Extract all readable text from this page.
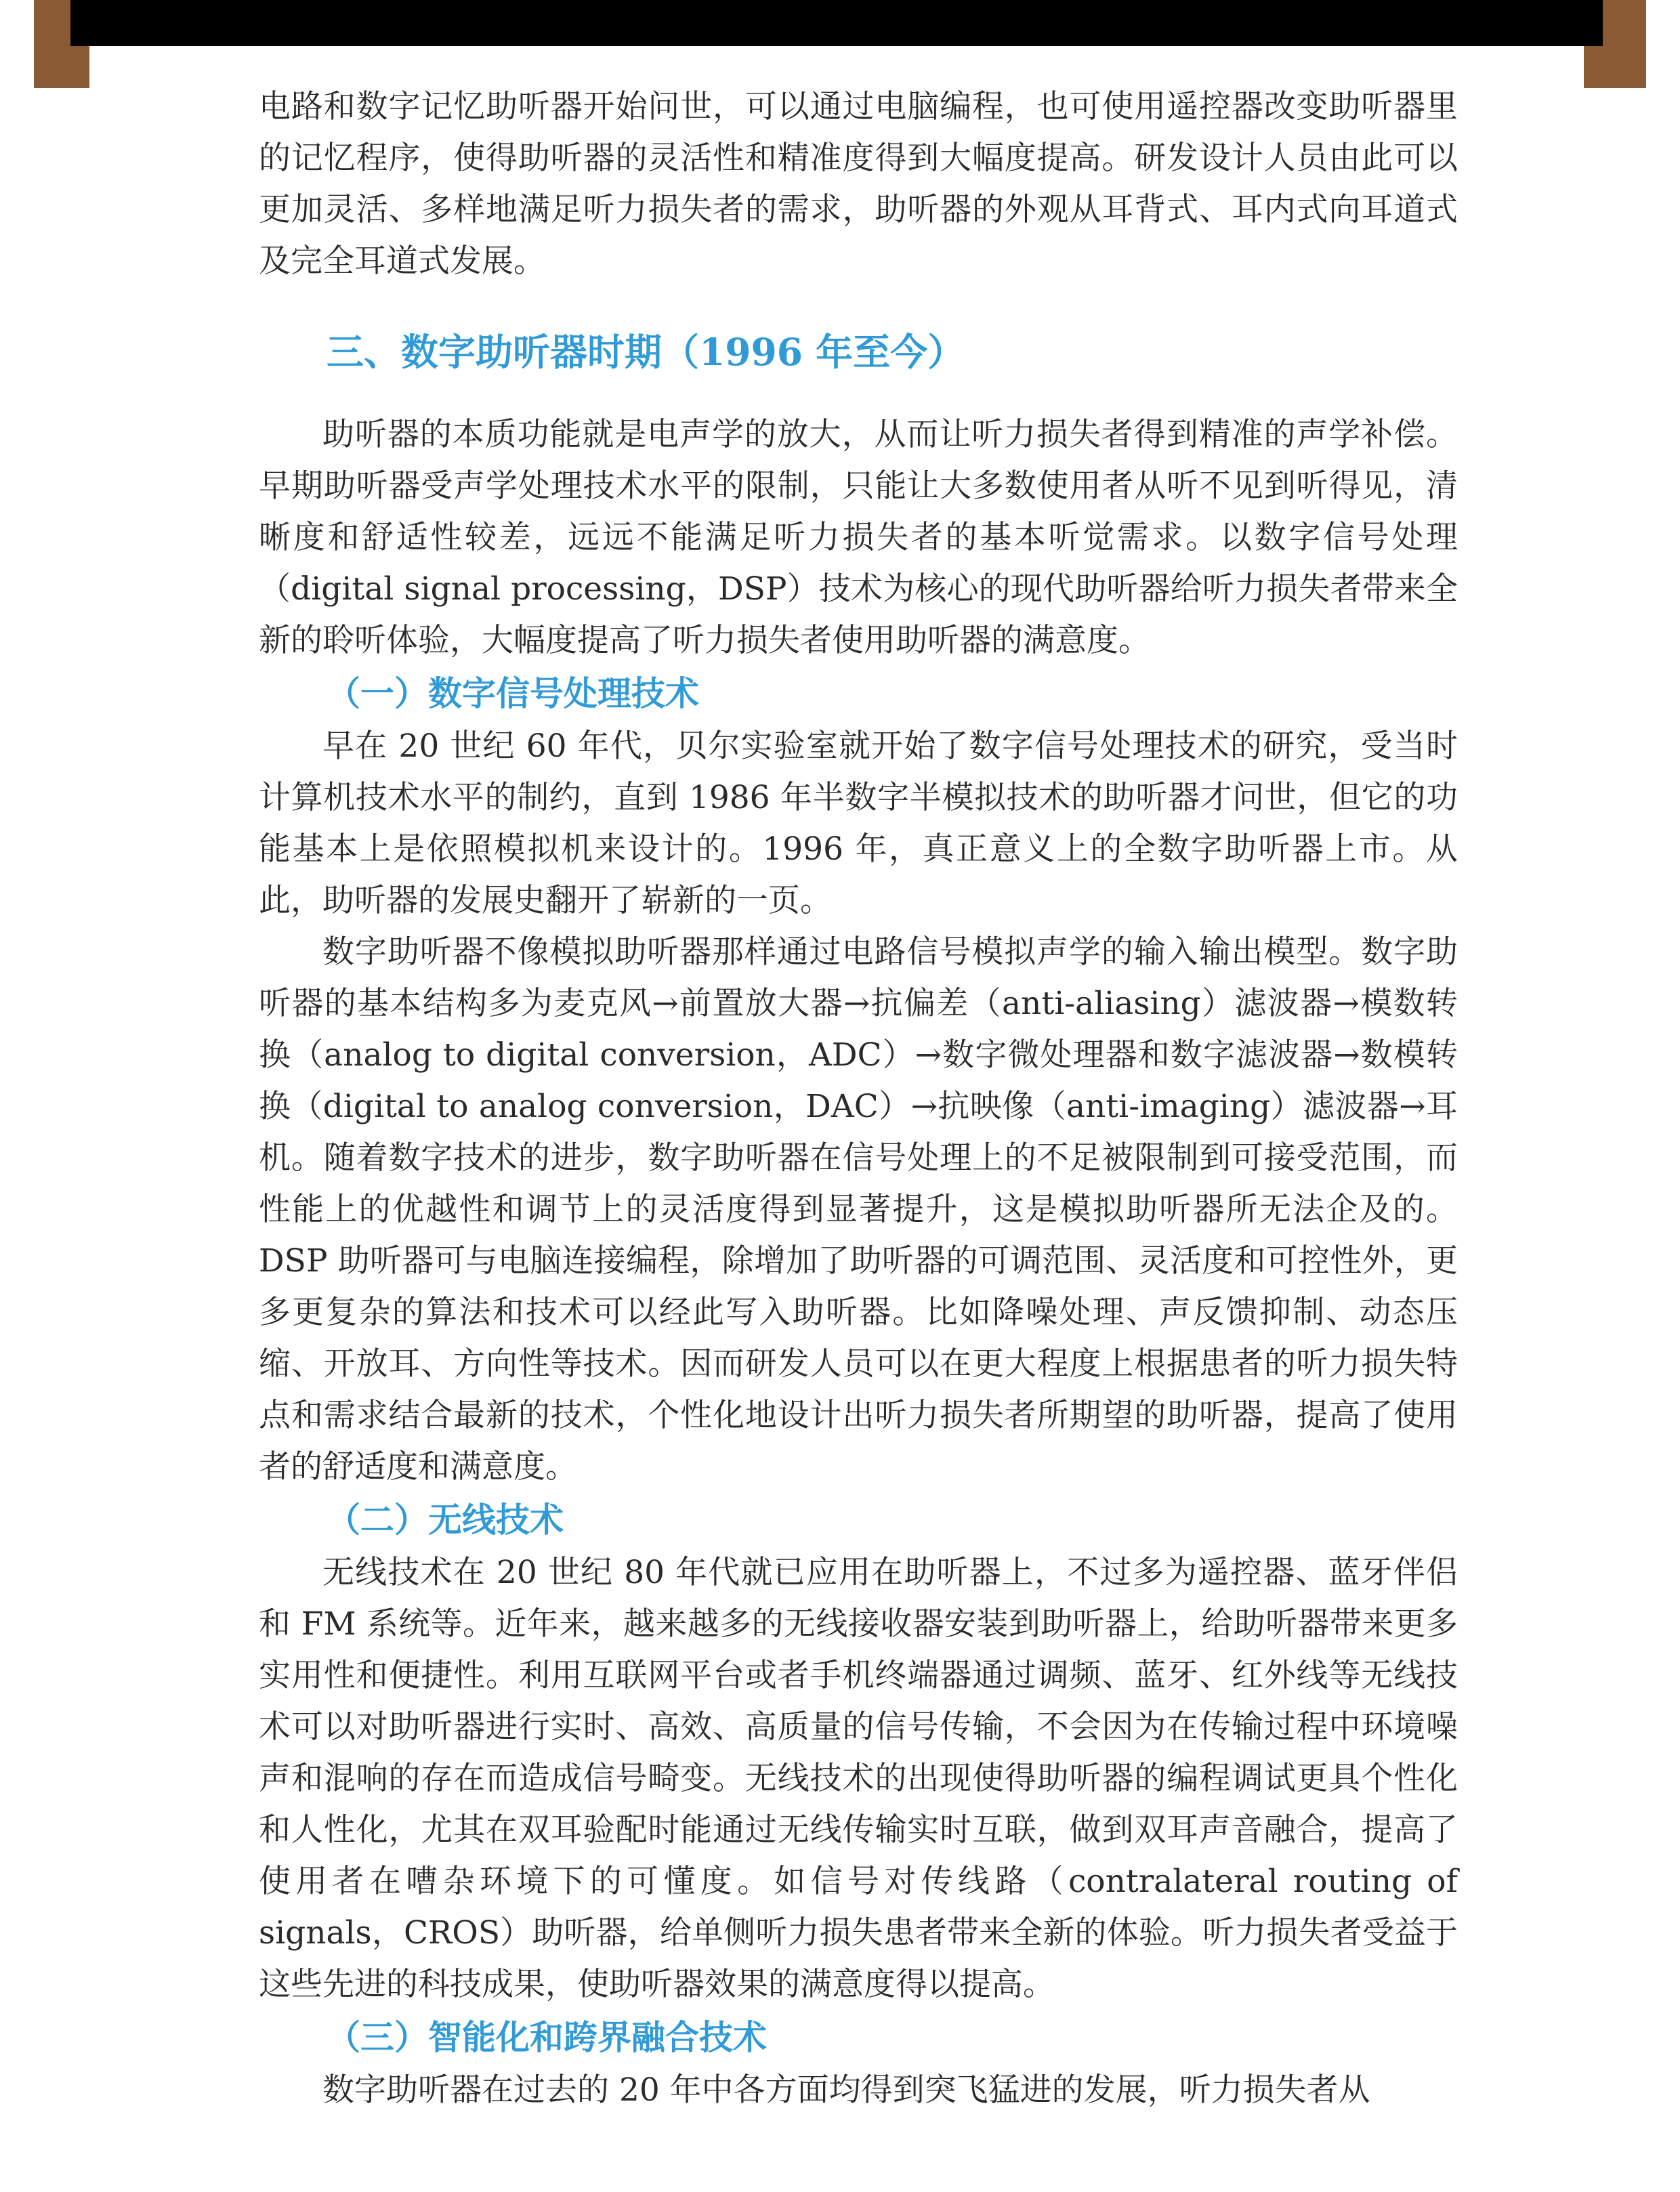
电路和数字记忆助听器开始问世，可以通过电脑编程，也可使用遥控器改变助听器里的记忆程序，使得助听器的灵活性和精准度得到大幅度提高。研发设计人员由此可以更加灵活、多样地满足听力损失者的需求，助听器的外观从耳背式、耳内式向耳道式及完全耳道式发展。

三、数字助听器时期（1996 年至今）

助听器的本质功能就是电声学的放大，从而让听力损失者得到精准的声学补偿。早期助听器受声学处理技术水平的限制，只能让大多数使用者从听不见到听得见，清晰度和舒适性较差，远远不能满足听力损失者的基本听觉需求。以数字信号处理（digital signal processing，DSP）技术为核心的现代助听器给听力损失者带来全新的聆听体验，大幅度提高了听力损失者使用助听器的满意度。

（一）数字信号处理技术

早在 20 世纪 60 年代，贝尔实验室就开始了数字信号处理技术的研究，受当时计算机技术水平的制约，直到 1986 年半数字半模拟技术的助听器才问世，但它的功能基本上是依照模拟机来设计的。1996 年，真正意义上的全数字助听器上市。从此，助听器的发展史翻开了崭新的一页。

数字助听器不像模拟助听器那样通过电路信号模拟声学的输入输出模型。数字助听器的基本结构多为麦克风→前置放大器→抗偏差（anti-aliasing）滤波器→模数转换（analog to digital conversion，ADC）→数字微处理器和数字滤波器→数模转换（digital to analog conversion，DAC）→抗映像（anti-imaging）滤波器→耳机。随着数字技术的进步，数字助听器在信号处理上的不足被限制到可接受范围，而性能上的优越性和调节上的灵活度得到显著提升，这是模拟助听器所无法企及的。DSP 助听器可与电脑连接编程，除增加了助听器的可调范围、灵活度和可控性外，更多更复杂的算法和技术可以经此写入助听器。比如降噪处理、声反馈抑制、动态压缩、开放耳、方向性等技术。因而研发人员可以在更大程度上根据患者的听力损失特点和需求结合最新的技术，个性化地设计出听力损失者所期望的助听器，提高了使用者的舒适度和满意度。

（二）无线技术

无线技术在 20 世纪 80 年代就已应用在助听器上，不过多为遥控器、蓝牙伴侣和 FM 系统等。近年来，越来越多的无线接收器安装到助听器上，给助听器带来更多实用性和便捷性。利用互联网平台或者手机终端器通过调频、蓝牙、红外线等无线技术可以对助听器进行实时、高效、高质量的信号传输，不会因为在传输过程中环境噪声和混响的存在而造成信号畸变。无线技术的出现使得助听器的编程调试更具个性化和人性化，尤其在双耳验配时能通过无线传输实时互联，做到双耳声音融合，提高了使用者在嘈杂环境下的可懂度。如信号对传线路（contralateral routing of signals，CROS）助听器，给单侧听力损失患者带来全新的体验。听力损失者受益于这些先进的科技成果，使助听器效果的满意度得以提高。

（三）智能化和跨界融合技术

数字助听器在过去的 20 年中各方面均得到突飞猛进的发展，听力损失者从
